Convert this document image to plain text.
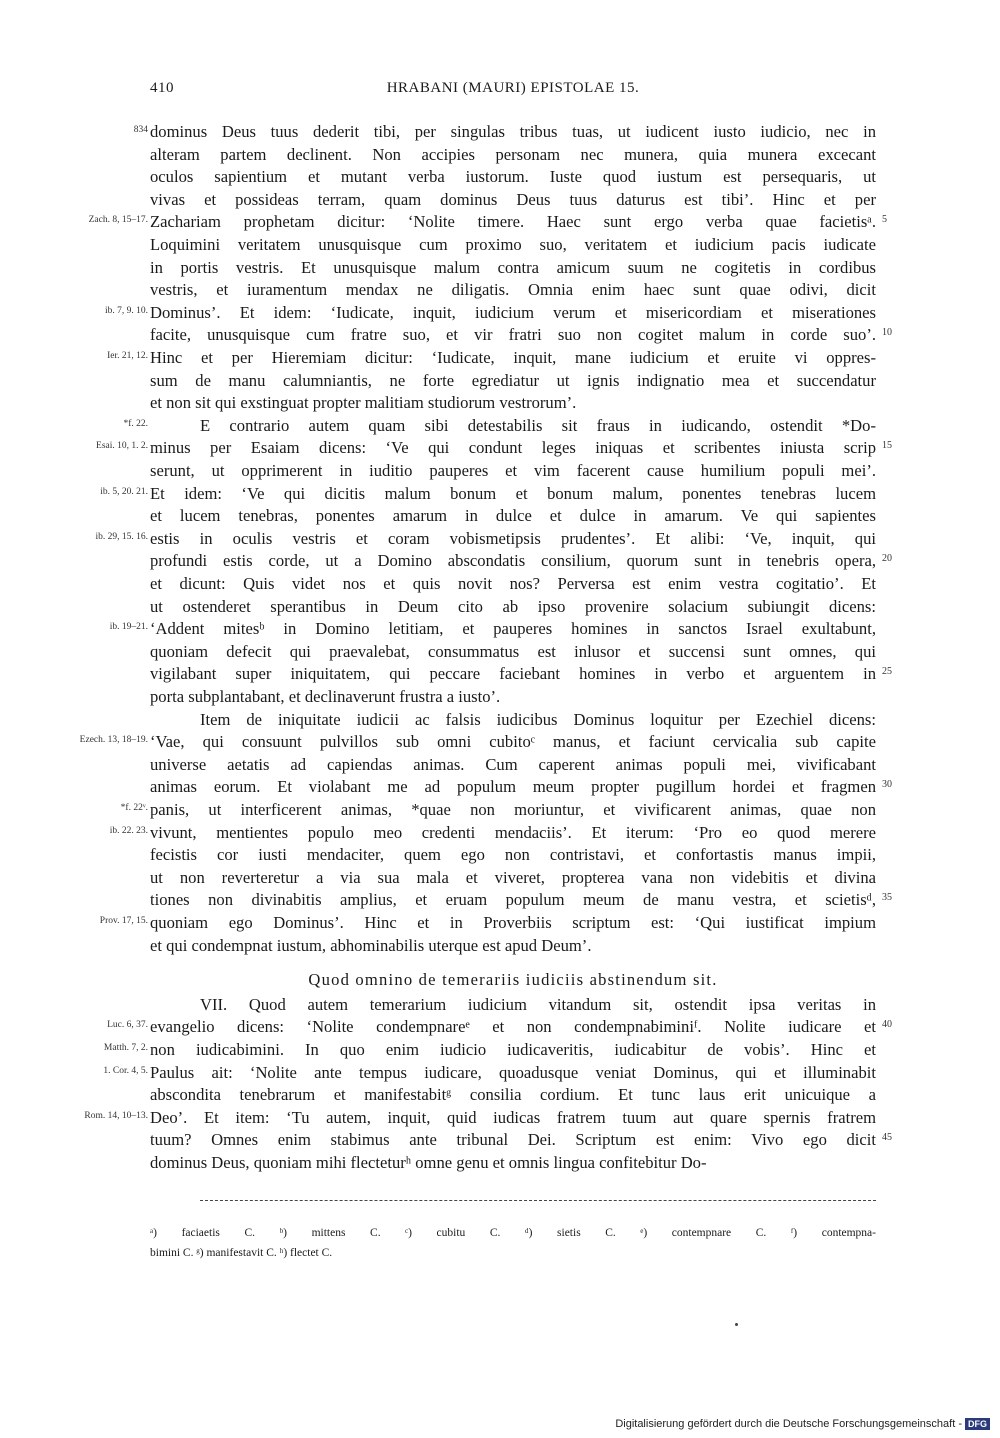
410	HRABANI (MAURI) EPISTOLAE 15.
834 dominus Deus tuus dederit tibi, per singulas tribus tuas, ut iudicent iusto iudicio, nec in
alteram partem declinent. Non accipies personam nec munera, quia munera excecant
oculos sapientium et mutant verba iustorum. Iuste quod iustum est persequaris, ut
vivas et possideas terram, quam dominus Deus tuus daturus est tibi’. Hinc et per
Zach. 8, 15–17. Zachariam prophetam dicitur: ‘Nolite timere. Haec sunt ergo verba quae facietisᵃ. 5
Loquimini veritatem unusquisque cum proximo suo, veritatem et iudicium pacis iudicate
in portis vestris. Et unusquisque malum contra amicum suum ne cogitetis in cordibus
vestris, et iuramentum mendax ne diligatis. Omnia enim haec sunt quae odivi, dicit
ib. 7, 9. 10. Dominus’. Et idem: ‘Iudicate, inquit, iudicium verum et misericordiam et miserationes
facite, unusquisque cum fratre suo, et vir fratri suo non cogitet malum in corde suo’. 10
Ier. 21, 12. Hinc et per Hieremiam dicitur: ‘Iudicate, inquit, mane iudicium et eruite vi oppres-
sum de manu calumniantis, ne forte egrediatur ut ignis indignatio mea et succendatur
et non sit qui exstinguat propter malitiam studiorum vestrorum’.
*f. 22.	E contrario autem quam sibi detestabilis sit fraus in iudicando, ostendit *Do-
Esai. 10, 1. 2. minus per Esaiam dicens: ‘Ve qui condunt leges iniquas et scribentes iniusta scrip 15
serunt, ut opprimerent in iuditio pauperes et vim facerent cause humilium populi mei’.
ib. 5, 20. 21. Et idem: ‘Ve qui dicitis malum bonum et bonum malum, ponentes tenebras lucem
et lucem tenebras, ponentes amarum in dulce et dulce in amarum. Ve qui sapientes
ib. 29, 15. 16. estis in oculis vestris et coram vobismetipsis prudentes’. Et alibi: ‘Ve, inquit, qui
profundi estis corde, ut a Domino abscondatis consilium, quorum sunt in tenebris opera, 20
et dicunt: Quis videt nos et quis novit nos? Perversa est enim vestra cogitatio’. Et
ut ostenderet sperantibus in Deum cito ab ipso provenire solacium subiungit dicens:
ib. 19–21. ‘Addent mitesᵇ in Domino letitiam, et pauperes homines in sanctos Israel exultabunt,
quoniam defecit qui praevalebat, consummatus est inlusor et succensi sunt omnes, qui
vigilabant super iniquitatem, qui peccare faciebant homines in verbo et arguentem in 25
porta subplantabant, et declinaverunt frustra a iusto’.
Item de iniquitate iudicii ac falsis iudicibus Dominus loquitur per Ezechiel dicens:
Ezech. 13, 18–19. ‘Vae, qui consuunt pulvillos sub omni cubitoᶜ manus, et faciunt cervicalia sub capite
universe aetatis ad capiendas animas. Cum caperent animas populi mei, vivificabant
animas eorum. Et violabant me ad populum meum propter pugillum hordei et fragmen 30
*f. 22ᵛ. panis, ut interficerent animas, *quae non moriuntur, et vivificarent animas, quae non
ib. 22. 23. vivunt, mentientes populo meo credenti mendaciis’. Et iterum: ‘Pro eo quod merere
fecistis cor iusti mendaciter, quem ego non contristavi, et confortastis manus impii,
ut non reverteretur a via sua mala et viveret, propterea vana non videbitis et divina
tiones non divinabitis amplius, et eruam populum meum de manu vestra, et scietisᵈ, 35
Prov. 17, 15. quoniam ego Dominus’. Hinc et in Proverbiis scriptum est: ‘Qui iustificat impium
et qui condempnat iustum, abhominabilis uterque est apud Deum’.
Quod omnino de temerariis iudiciis abstinendum sit.
VII. Quod autem temerarium iudicium vitandum sit, ostendit ipsa veritas in
Luc. 6, 37. evangelio dicens: ‘Nolite condempnareᵉ et non condempnabiminiᶠ. Nolite iudicare et 40
Matth. 7, 2. non iudicabimini. In quo enim iudicio iudicaveritis, iudicabitur de vobis’. Hinc et
1. Cor. 4, 5. Paulus ait: ‘Nolite ante tempus iudicare, quoadusque veniat Dominus, qui et illuminabit
abscondita tenebrarum et manifestabitᵍ consilia cordium. Et tunc laus erit unicuique a
Rom. 14, 10–13. Deo’. Et item: ‘Tu autem, inquit, quid iudicas fratrem tuum aut quare spernis fratrem
tuum? Omnes enim stabimus ante tribunal Dei. Scriptum est enim: Vivo ego dicit 45
dominus Deus, quoniam mihi flecteturʰ omne genu et omnis lingua confitebitur Do-
ᵃ) faciaetis C. ᵇ) mittens C. ᶜ) cubitu C. ᵈ) sietis C. ᵉ) contempnare C. ᶠ) contempna-
bimini C. ᵍ) manifestavit C. ʰ) flectet C.
Digitalisierung gefördert durch die Deutsche Forschungsgemeinschaft - DFG
